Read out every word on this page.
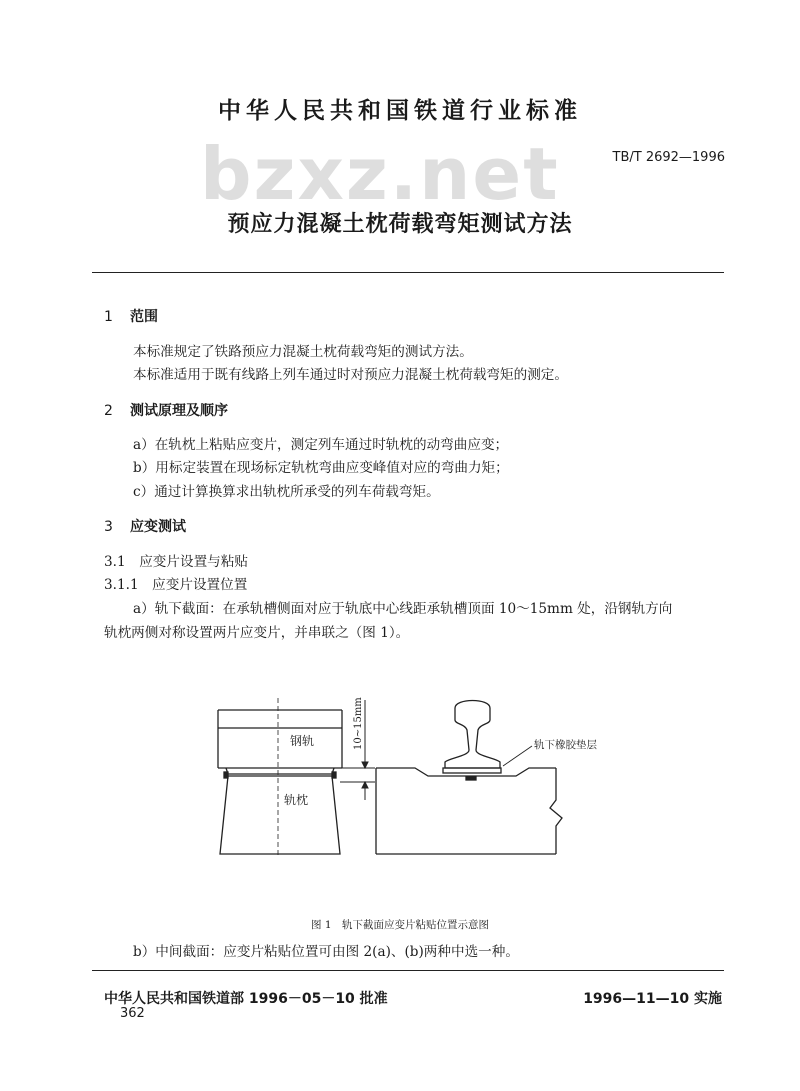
中华人民共和国铁道行业标准
bzxz.net	TB/T 2692—1996
预应力混凝土枕荷载弯矩测试方法
1 范围
本标准规定了铁路预应力混凝土枕荷载弯矩的测试方法。
本标准适用于既有线路上列车通过时对预应力混凝土枕荷载弯矩的测定。
2 测试原理及顺序
a）在轨枕上粘贴应变片，测定列车通过时轨枕的动弯曲应变；
b）用标定装置在现场标定轨枕弯曲应变峰值对应的弯曲力矩；
c）通过计算换算求出轨枕所承受的列车荷载弯矩。
3 应变测试
3.1　应变片设置与粘贴
3.1.1　应变片设置位置
a）轨下截面：在承轨槽侧面对应于轨底中心线距承轨槽顶面 10～15mm 处，沿钢轨方向
轨枕两侧对称设置两片应变片，并串联之（图 1）。
10~15mm
钢轨
轨枕
轨下橡胶垫层
图 1　轨下截面应变片粘贴位置示意图
b）中间截面：应变片粘贴位置可由图 2(a)、(b)两种中选一种。
中华人民共和国铁道部 1996－05－10 批准	1996—11—10 实施
362
